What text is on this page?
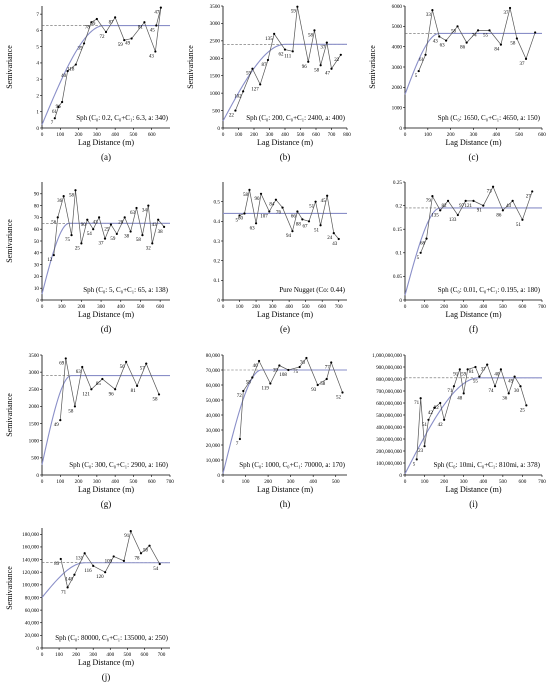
0
1
2
3
4
5
6
7
0	100 200 300 400 500 600
Lag Distance (m)
Semivariance
7
61
96
40
118
39
78
69
72
87
59 49
81
43
47
45
Sph (C₀: 0.2, C₀+C₁: 6.3, a: 340)
(a)
0
500
1000
1500
2000
2500
3000
3500
0 100 200 300 400 500 600 700 800
Lag Distance (m)
Semivariance
22
102
59
127
87
135
62 111
59
96
58
58
37
47
22
Sph (C₀: 200, C₀+C₁: 2400, a: 400)
(b)
0
1000
2000
3000
4000
5000
6000
0	100	200	300	400	500	600
Lag Distance (m)
Semivariance	5
61
33
43
63
58
86
74 55
84
37
58
37
Sph (C₀: 1650, C₀+C₁: 4650, a: 150)
(c)
0
10
20
30
40
50
60
70
80
90
0	100 200 300 400 500 600
Lag Distance (m)
Semivariance	12
56
36
75
58
25
90
54
43
37
25
59
28
38
63
58
34
32
43
38
Sph (C₀: 5, C₀+C₁: 65, a: 138)
(d)
0
0.1
0.2
0.3
0.4
0.5
0 100 200 300 400 500 600 700
Lag Distance (m)
5 80
58
63
90
107
84
76
94
66
88 67
51
51
45
24
43
Pure Nugget (Co: 0.44)
(e)
0
0.05
0.1
0.15
0.2
0.25
0	100 200 300 400 500 600 700
Lag Distance (m)
5
68
79
135
82
133
97 121
91
73
86
43
51
27
Sph (C₀: 0.01, C₀+C₁: 0.195, a: 180)
(f)
0
500
1000
1500
2000
2500
3000
3500
0	100 200 300 400 500 600 700
Lag Distance (m)
Semivariance	49
69
58
63
121
85
96
56
81
57
58
Sph (C₀: 300, C₀+C₁: 2900, a: 160)
(g)
0
10,000
20,000
30,000
40,000
50,000
60,000
70,000
80,000
0	100	200	300	400	500
Lag Distance (m)
7
72
58
46
119
39
108
75
70
93
58
77
52
Sph (C₀: 1000, C₀+C₁: 70000, a: 170)
(h)
0
100,000,000
200,000,000
300,000,000
400,000,000
500,000,000
600,000,000
700,000,000
800,000,000
900,000,000
1,000,000,000
0	100 200 300 400 500 600 700
Lag Distance (m)
5
71
23
51
42
92
42
71
91
48
59 81
55
37
74
40
36
49
30
25
Sph (C₀: 10mi, C₀+C₁: 810mi, a: 378)
(i)
0
20,000
40,000
60,000
80,000
100,000
120,000
140,000
160,000
180,000
0 100 200 300 400 500 600 700
Lag Distance (m)
Semivariance
89
71
148
131
116
120
109
91
78
58
54
Sph (C₀: 80000, C₀+C₁: 135000, a: 250)
(j)
